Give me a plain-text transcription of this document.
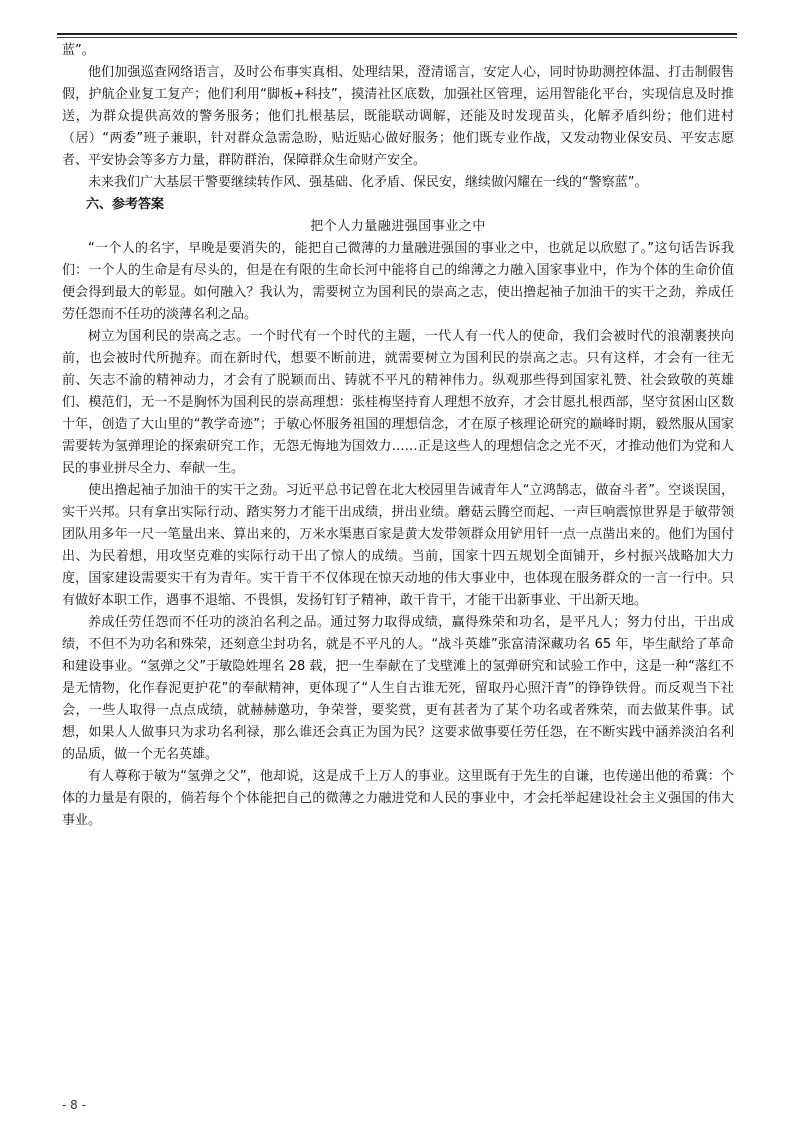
蓝”。

他们加强巡查网络语言，及时公布事实真相、处理结果，澄清谣言，安定人心，同时协助测控体温、打击制假售假，护航企业复工复产；他们利用“脚板+科技”，摸清社区底数，加强社区管理，运用智能化平台，实现信息及时推送，为群众提供高效的警务服务；他们扎根基层，既能联动调解，还能及时发现苗头，化解矛盾纠纷；他们进村（居）“两委”班子兼职，针对群众急需急盼，贴近贴心做好服务；他们既专业作战，又发动物业保安员、平安志愿者、平安协会等多方力量，群防群治，保障群众生命财产安全。

未来我们广大基层干警要继续转作风、强基础、化矛盾、保民安，继续做闪耀在一线的“警察蓝”。

六、参考答案

把个人力量融进强国事业之中

“一个人的名字，早晚是要消失的，能把自己微薄的力量融进强国的事业之中，也就足以欣慰了。”这句话告诉我们：一个人的生命是有尽头的，但是在有限的生命长河中能将自己的绵薄之力融入国家事业中，作为个体的生命价值便会得到最大的彰显。如何融入？我认为，需要树立为国利民的崇高之志，使出撸起袖子加油干的实干之劲，养成任劳任怨而不任功的淡薄名利之品。

树立为国利民的崇高之志。一个时代有一个时代的主题，一代人有一代人的使命，我们会被时代的浪潮裹挟向前，也会被时代所抛弃。而在新时代，想要不断前进，就需要树立为国利民的崇高之志。只有这样，才会有一往无前、矢志不渝的精神动力，才会有了脱颖而出、铸就不平凡的精神伟力。纵观那些得到国家礼赞、社会致敬的英雄们、模范们，无一不是胸怀为国利民的崇高理想：张桂梅坚持育人理想不放弃，才会甘愿扎根西部，坚守贫困山区数十年，创造了大山里的“教学奇迹”；于敏心怀服务祖国的理想信念，才在原子核理论研究的巅峰时期，毅然服从国家需要转为氢弹理论的探索研究工作，无怨无悔地为国效力……正是这些人的理想信念之光不灭，才推动他们为党和人民的事业拼尽全力、奉献一生。

使出撸起袖子加油干的实干之劲。习近平总书记曾在北大校园里告诫青年人“立鸿鹄志，做奋斗者”。空谈误国，实干兴邦。只有拿出实际行动、踏实努力才能干出成绩，拼出业绩。蘑菇云腾空而起、一声巨响震惊世界是于敏带领团队用多年一尺一笔量出来、算出来的，万米水渠惠百家是黄大发带领群众用铲用钎一点一点凿出来的。他们为国付出、为民着想，用攻坚克难的实际行动干出了惊人的成绩。当前，国家十四五规划全面铺开，乡村振兴战略加大力度，国家建设需要实干有为青年。实干肯干不仅体现在惊天动地的伟大事业中，也体现在服务群众的一言一行中。只有做好本职工作，遇事不退缩、不畏惧，发扬钉钉子精神，敢干肯干，才能干出新事业、干出新天地。

养成任劳任怨而不任功的淡泊名利之品。通过努力取得成绩，赢得殊荣和功名，是平凡人；努力付出，干出成绩，不但不为功名和殊荣，还刻意尘封功名，就是不平凡的人。“战斗英雄”张富清深藏功名 65 年，毕生献给了革命和建设事业。“氢弹之父”于敏隐姓埋名 28 载，把一生奉献在了戈壁滩上的氢弹研究和试验工作中，这是一种“落红不是无情物，化作春泥更护花”的奉献精神，更体现了“人生自古谁无死，留取丹心照汗青”的铮铮铁骨。而反观当下社会，一些人取得一点点成绩，就赫赫邀功，争荣誉，要奖赏，更有甚者为了某个功名或者殊荣，而去做某件事。试想，如果人人做事只为求功名利禄，那么谁还会真正为国为民？这要求做事要任劳任怨，在不断实践中涵养淡泊名利的品质，做一个无名英雄。

有人尊称于敏为“氢弹之父”，他却说，这是成千上万人的事业。这里既有于先生的自谦，也传递出他的希冀：个体的力量是有限的，倘若每个个体能把自己的微薄之力融进党和人民的事业中，才会托举起建设社会主义强国的伟大事业。

- 8 -
